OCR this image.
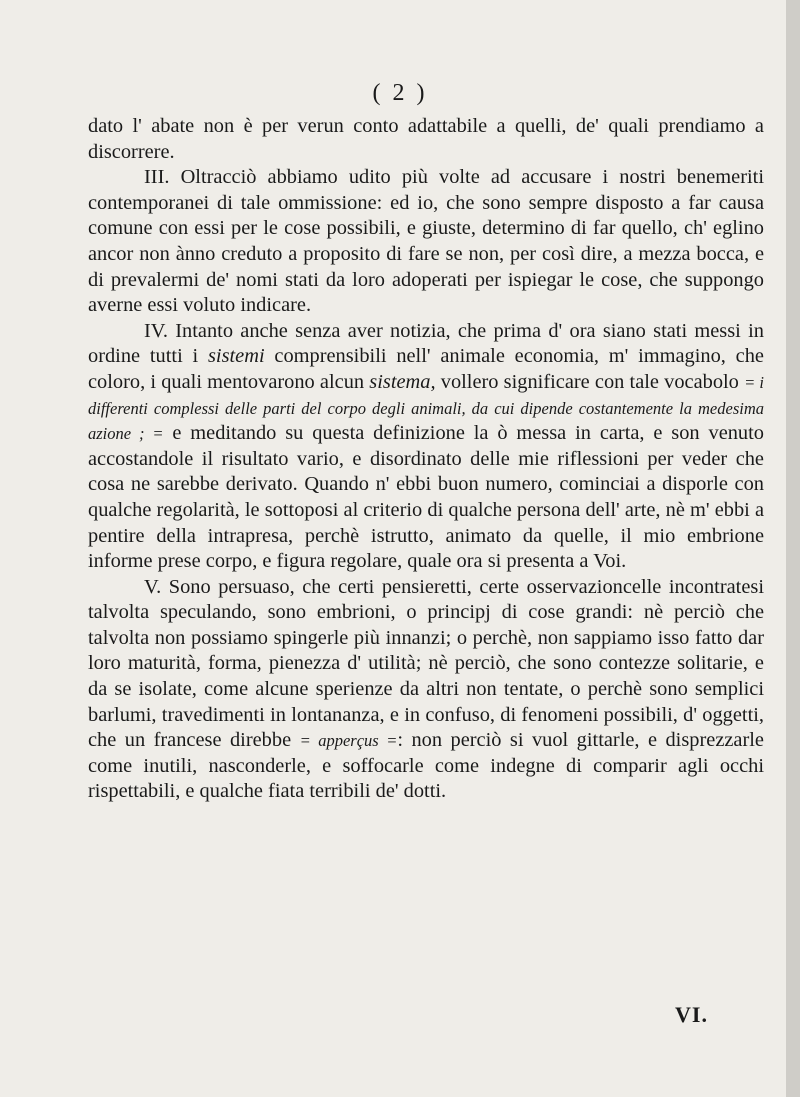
( 2 )

dato l' abate non è per verun conto adattabile a quelli, de' quali prendiamo a discorrere.

III. Oltracciò abbiamo udito più volte ad accusare i nostri benemeriti contemporanei di tale ommissione: ed io, che sono sempre disposto a far causa comune con essi per le cose possibili, e giuste, determino di far quello, ch' eglino ancor non ànno creduto a proposito di fare se non, per così dire, a mezza bocca, e di prevalermi de' nomi stati da loro adoperati per ispiegar le cose, che suppongo averne essi voluto indicare.

IV. Intanto anche senza aver notizia, che prima d' ora siano stati messi in ordine tutti i sistemi comprensibili nell' animale economia, m' immagino, che coloro, i quali mentovarono alcun sistema, vollero significare con tale vocabolo = i differenti complessi delle parti del corpo degli animali, da cui dipende costantemente la medesima azione ; = e meditando su questa definizione la ò messa in carta, e son venuto accostandole il risultato vario, e disordinato delle mie riflessioni per veder che cosa ne sarebbe derivato. Quando n' ebbi buon numero, cominciai a disporle con qualche regolarità, le sottoposi al criterio di qualche persona dell' arte, nè m' ebbi a pentire della intrapresa, perchè istrutto, animato da quelle, il mio embrione informe prese corpo, e figura regolare, quale ora si presenta a Voi.

V. Sono persuaso, che certi pensieretti, certe osservazioncelle incontratesi talvolta speculando, sono embrioni, o principj di cose grandi: nè perciò che talvolta non possiamo spingerle più innanzi; o perchè, non sappiamo isso fatto dar loro maturità, forma, pienezza d' utilità; nè perciò, che sono contezze solitarie, e da se isolate, come alcune sperienze da altri non tentate, o perchè sono semplici barlumi, travedimenti in lontananza, e in confuso, di fenomeni possibili, d' oggetti, che un francese direbbe = apperçus =: non perciò si vuol gittarle, e disprezzarle come inutili, nasconderle, e soffocarle come indegne di comparir agli occhi rispettabili, e qualche fiata terribili de' dotti.

VI.
